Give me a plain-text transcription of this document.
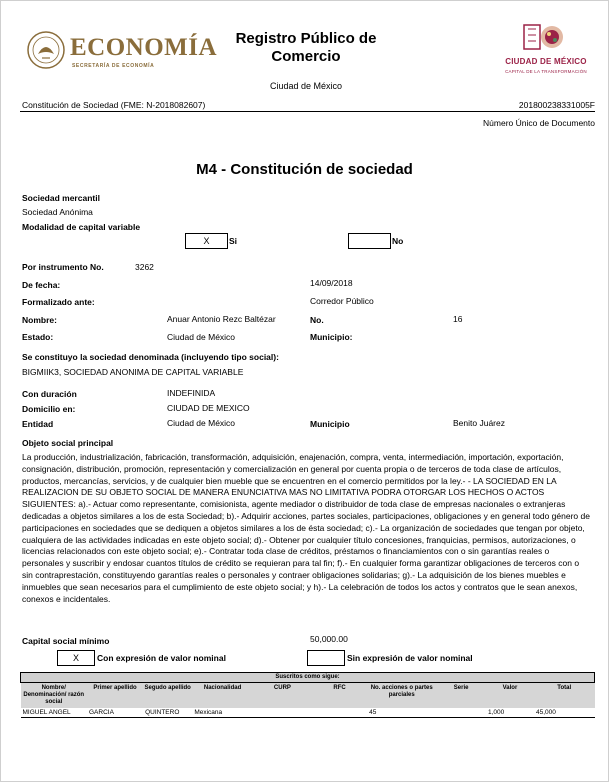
ECONOMÍA
SECRETARÍA DE ECONOMÍA
Registro Público de Comercio
Ciudad de México
CIUDAD DE MÉXICO
CAPITAL DE LA TRANSFORMACIÓN
Constitución de Sociedad (FME: N-2018082607)	201800238331005F
Número Único de Documento
M4 - Constitución de sociedad
Sociedad mercantil
Sociedad Anónima
Modalidad de capital variable
X	Si	No
Por instrumento No.	3262
De fecha:	14/09/2018
Formalizado ante:	Corredor Público
Nombre:	Anuar Antonio Rezc Baltézar	No.	16
Estado:	Ciudad de México	Municipio:
Se constituyo la sociedad denominada (incluyendo tipo social):
BIGMIIK3, SOCIEDAD ANONIMA DE CAPITAL VARIABLE
Con duración	INDEFINIDA
Domicilio en:	CIUDAD DE MEXICO
Entidad	Ciudad de México	Municipio	Benito Juárez
Objeto social principal
La producción, industrialización, fabricación, transformación, adquisición, enajenación, compra, venta, intermediación, importación, exportación, consignación, distribución, promoción, representación y comercialización en general por cuenta propia o de terceros de toda clase de artículos, productos, mercancías, servicios, y de cualquier bien mueble que se encuentren en el comercio permitidos por la ley.- - LA SOCIEDAD EN LA REALIZACION DE SU OBJETO SOCIAL DE MANERA ENUNCIATIVA MAS NO LIMITATIVA PODRA OTORGAR LOS HECHOS O ACTOS SIGUIENTES: a).- Actuar como representante, comisionista, agente mediador o distribuidor de toda clase de empresas nacionales o extranjeras dedicadas a objetos similares a los de esta Sociedad; b).- Adquirir acciones, partes sociales, participaciones, obligaciones y en general todo género de participaciones en sociedades que se dediquen a objetos similares a los de ésta sociedad; c).- La organización de sociedades que tengan por objeto, cualquiera de las actividades indicadas en este objeto social; d).- Obtener por cualquier título concesiones, franquicias, permisos, autorizaciones, o licencias relacionados con este objeto social; e).- Contratar toda clase de créditos, préstamos o financiamientos con o sin garantías reales o personales y suscribir y endosar cuantos títulos de crédito se requieran para tal fin; f).- En cualquier forma garantizar obligaciones de terceros con o sin contraprestación, constituyendo garantías reales o personales y contraer obligaciones solidarias; g).- La adquisición de los bienes muebles e inmuebles que sean necesarios para el cumplimiento de este objeto social; y h).- La celebración de todos los actos y contratos que le sean anexos, conexos e incidentales.
Capital social mínimo	50,000.00
X	Con expresión de valor nominal	Sin expresión de valor nominal
Suscritos como sigue:									
Nombre/ Denominación/ razón social	Primer apellido	Segudo apellido	Nacionalidad	CURP	RFC	No. acciones o partes parciales	Serie	Valor	Total
MIGUEL ANGEL	GARCIA	QUINTERO	Mexicana			45		1,000	45,000
